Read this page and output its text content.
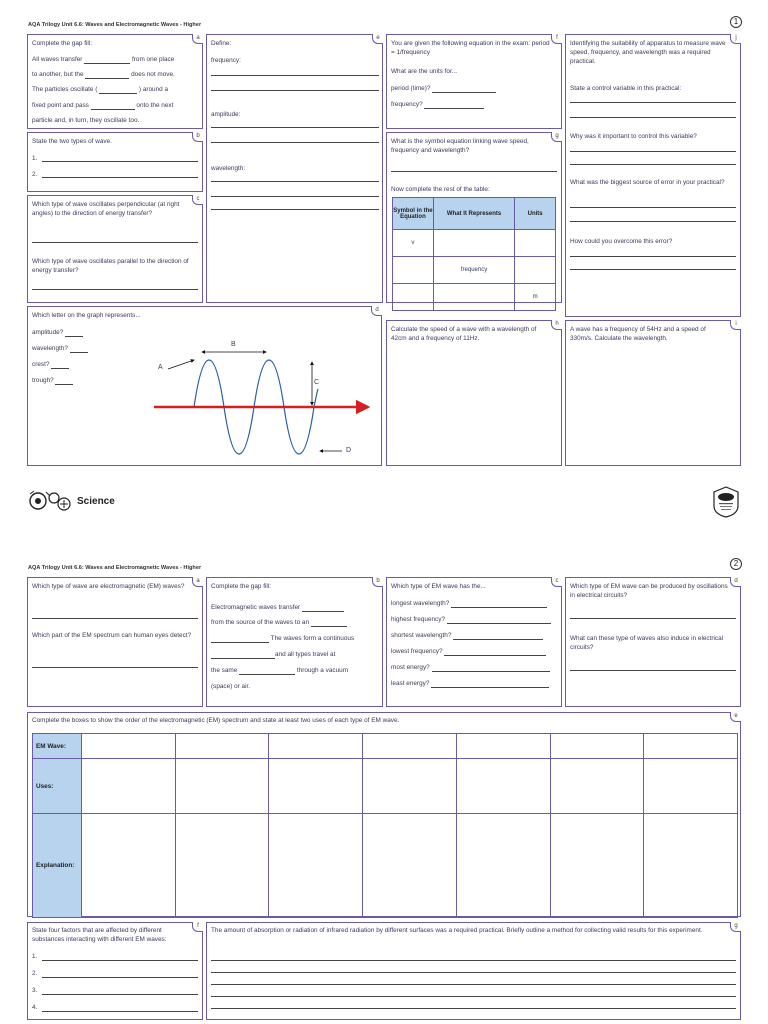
AQA Trilogy Unit 6.6: Waves and Electromagnetic Waves - Higher	1
a
Complete the gap fill:
All waves transfer	from one place
to another, but the	does not move.
The particles oscillate (	) around a
fixed point and pass	onto the next
particle and, in turn, they oscillate too.
b
State the two types of wave.
1.
2.
c
Which type of wave oscillates perpendicular (at right angles) to the direction of energy transfer?
Which type of wave oscillates parallel to the direction of energy transfer?
d
Which letter on the graph represents...
amplitude?
wavelength?
crest?
trough?
B
C
A
D
e
Define:
frequency:
amplitude:
wavelength:
f
You are given the following equation in the exam: period = 1/frequency
What are the units for...
period (time)?
frequency?
g
What is the symbol equation linking wave speed, frequency and wavelength?
Now complete the rest of the table:
Symbol in the Equation	What It Represents	Units
v		
	frequency	
		m
h
Calculate the speed of a wave with a wavelength of 42cm and a frequency of 11Hz.
i
A wave has a frequency of 54Hz and a speed of 330m/s. Calculate the wavelength.
j
Identifying the suitability of apparatus to measure wave speed, frequency, and wavelength was a required practical.
State a control variable in this practical:
Why was it important to control this variable?
What was the biggest source of error in your practical?
How could you overcome this error?
Science
AQA Trilogy Unit 6.6: Waves and Electromagnetic Waves - Higher	2
a
Which type of wave are electromagnetic (EM) waves?
Which part of the EM spectrum can human eyes detect?
b
Complete the gap fill:
Electromagnetic waves transfer
from the source of the waves to an
The waves form a continuous
and all types travel at
the same	through a vacuum
(space) or air.
c
Which type of EM wave has the...
longest wavelength?
highest frequency?
shortest wavelength?
lowest frequency?
most energy?
least energy?
d
Which type of EM wave can be produced by oscillations in electrical circuits?
What can these type of waves also induce in electrical circuits?
e
Complete the boxes to show the order of the electromagnetic (EM) spectrum and state at least two uses of each type of EM wave.
EM Wave:							
Uses:							
Explanation:							
f
State four factors that are affected by different substances interacting with different EM waves:
1.
2.
3.
4.
g
The amount of absorption or radiation of infrared radiation by different surfaces was a required practical. Briefly outline a method for collecting valid results for this experiment.
